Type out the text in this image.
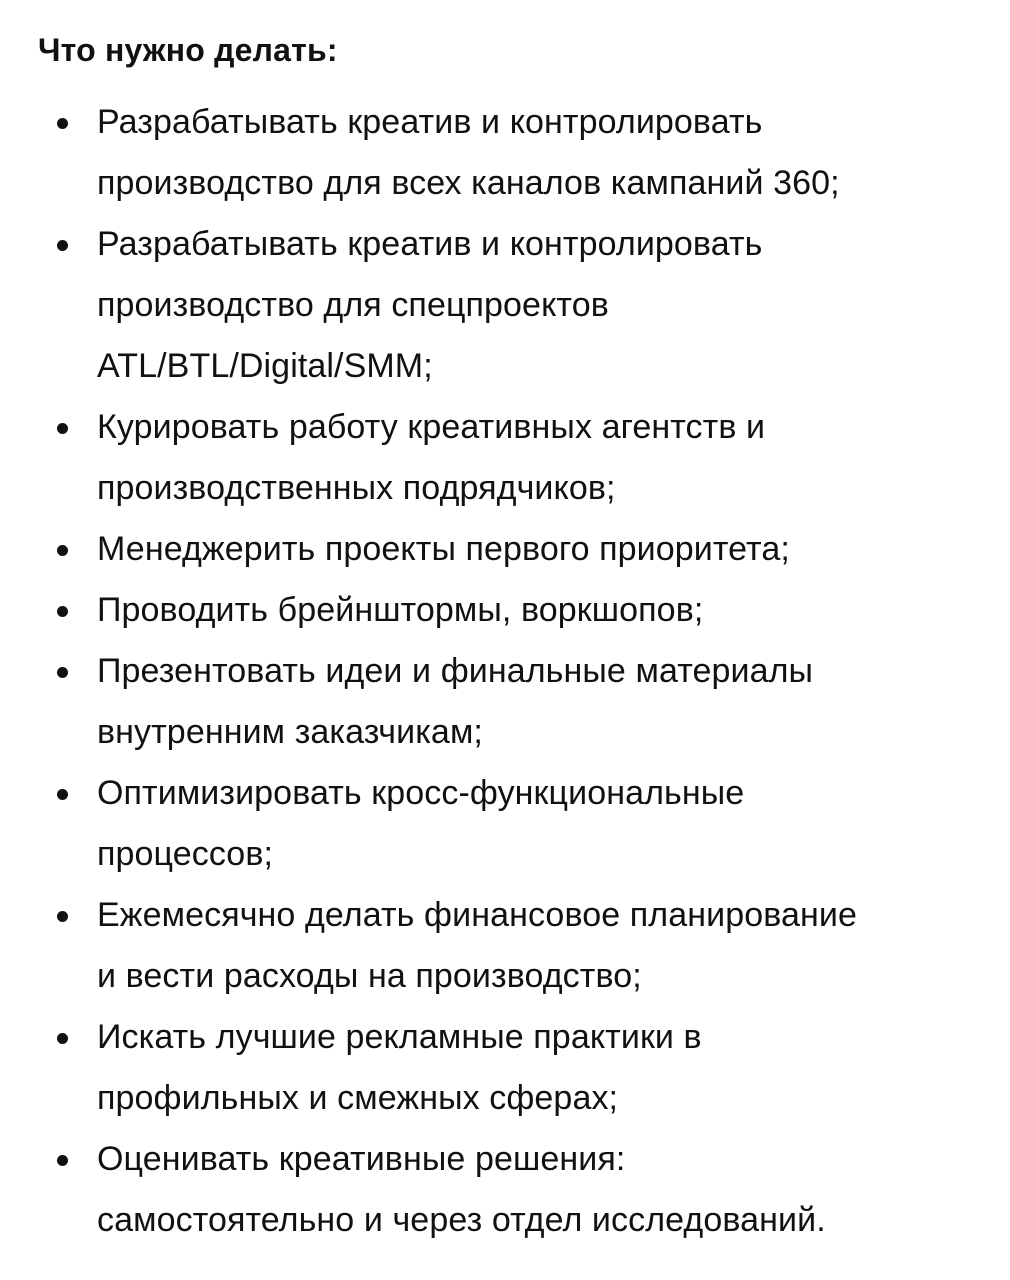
Что нужно делать:
Разрабатывать креатив и контролировать
производство для всех каналов кампаний 360;
Разрабатывать креатив и контролировать
производство для спецпроектов
ATL/BTL/Digital/SMM;
Курировать работу креативных агентств и
производственных подрядчиков;
Менеджерить проекты первого приоритета;
Проводить брейнштормы, воркшопов;
Презентовать идеи и финальные материалы
внутренним заказчикам;
Оптимизировать кросс-функциональные
процессов;
Ежемесячно делать финансовое планирование
и вести расходы на производство;
Искать лучшие рекламные практики в
профильных и смежных сферах;
Оценивать креативные решения:
самостоятельно и через отдел исследований.
